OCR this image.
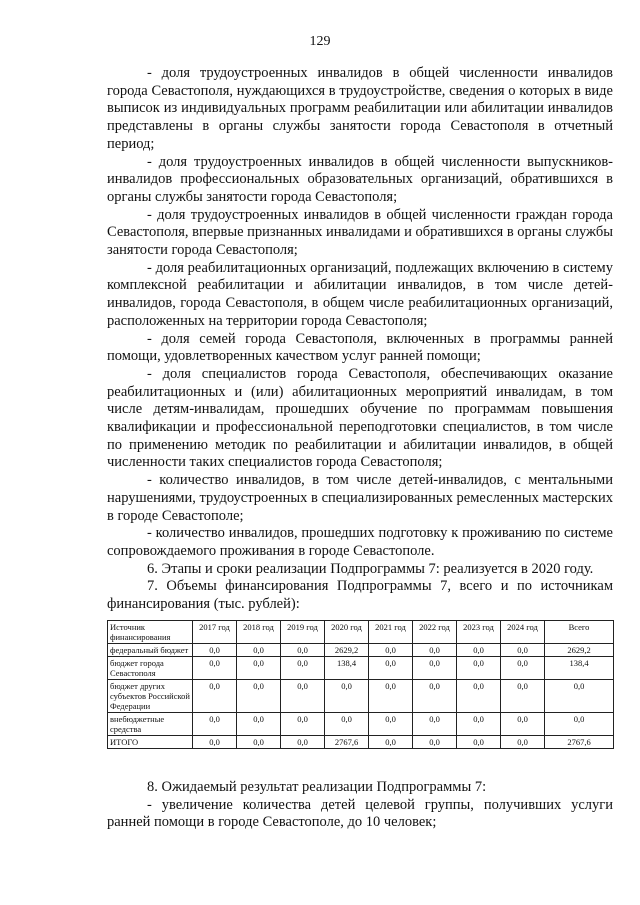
129

- доля трудоустроенных инвалидов в общей численности инвалидов города Севастополя, нуждающихся в трудоустройстве, сведения о которых в виде выписок из индивидуальных программ реабилитации или абилитации инвалидов представлены в органы службы занятости города Севастополя в отчетный период;

- доля трудоустроенных инвалидов в общей численности выпускников-инвалидов профессиональных образовательных организаций, обратившихся в органы службы занятости города Севастополя;

- доля трудоустроенных инвалидов в общей численности граждан города Севастополя, впервые признанных инвалидами и обратившихся в органы службы занятости города Севастополя;

- доля реабилитационных организаций, подлежащих включению в систему комплексной реабилитации и абилитации инвалидов, в том числе детей-инвалидов, города Севастополя, в общем числе реабилитационных организаций, расположенных на территории города Севастополя;

- доля семей города Севастополя, включенных в программы ранней помощи, удовлетворенных качеством услуг ранней помощи;

- доля специалистов города Севастополя, обеспечивающих оказание реабилитационных и (или) абилитационных мероприятий инвалидам, в том числе детям-инвалидам, прошедших обучение по программам повышения квалификации и профессиональной переподготовки специалистов, в том числе по применению методик по реабилитации и абилитации инвалидов, в общей численности таких специалистов города Севастополя;

- количество инвалидов, в том числе детей-инвалидов, с ментальными нарушениями, трудоустроенных в специализированных ремесленных мастерских в городе Севастополе;

- количество инвалидов, прошедших подготовку к проживанию по системе сопровождаемого проживания в городе Севастополе.

6. Этапы и сроки реализации Подпрограммы 7: реализуется в 2020 году.

7. Объемы финансирования Подпрограммы 7, всего и по источникам финансирования (тыс. рублей):

Источник финансирования	2017 год	2018 год	2019 год	2020 год	2021 год	2022 год	2023 год	2024 год	Всего
федеральный бюджет	0,0	0,0	0,0	2629,2	0,0	0,0	0,0	0,0	2629,2
бюджет города Севастополя	0,0	0,0	0,0	138,4	0,0	0,0	0,0	0,0	138,4
бюджет других субъектов Российской Федерации	0,0	0,0	0,0	0,0	0,0	0,0	0,0	0,0	0,0
внебюджетные средства	0,0	0,0	0,0	0,0	0,0	0,0	0,0	0,0	0,0
ИТОГО	0,0	0,0	0,0	2767,6	0,0	0,0	0,0	0,0	2767,6

8. Ожидаемый результат реализации Подпрограммы 7:

- увеличение количества детей целевой группы, получивших услуги ранней помощи в городе Севастополе, до 10 человек;
